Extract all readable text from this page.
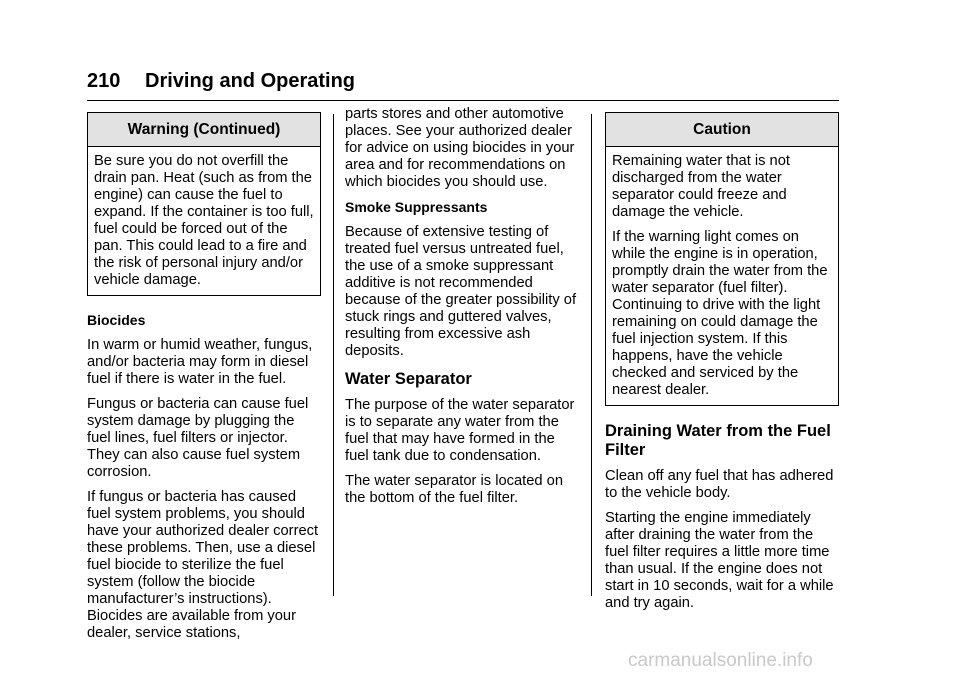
210 Driving and Operating
Warning (Continued)

Be sure you do not overfill the drain pan. Heat (such as from the engine) can cause the fuel to expand. If the container is too full, fuel could be forced out of the pan. This could lead to a fire and the risk of personal injury and/or vehicle damage.

Biocides

In warm or humid weather, fungus, and/or bacteria may form in diesel fuel if there is water in the fuel.

Fungus or bacteria can cause fuel system damage by plugging the fuel lines, fuel filters or injector. They can also cause fuel system corrosion.

If fungus or bacteria has caused fuel system problems, you should have your authorized dealer correct these problems. Then, use a diesel fuel biocide to sterilize the fuel system (follow the biocide manufacturer’s instructions). Biocides are available from your dealer, service stations,

parts stores and other automotive places. See your authorized dealer for advice on using biocides in your area and for recommendations on which biocides you should use.

Smoke Suppressants

Because of extensive testing of treated fuel versus untreated fuel, the use of a smoke suppressant additive is not recommended because of the greater possibility of stuck rings and guttered valves, resulting from excessive ash deposits.

Water Separator

The purpose of the water separator is to separate any water from the fuel that may have formed in the fuel tank due to condensation.

The water separator is located on the bottom of the fuel filter.

Caution

Remaining water that is not discharged from the water separator could freeze and damage the vehicle.

If the warning light comes on while the engine is in operation, promptly drain the water from the water separator (fuel filter). Continuing to drive with the light remaining on could damage the fuel injection system. If this happens, have the vehicle checked and serviced by the nearest dealer.

Draining Water from the Fuel Filter

Clean off any fuel that has adhered to the vehicle body.

Starting the engine immediately after draining the water from the fuel filter requires a little more time than usual. If the engine does not start in 10 seconds, wait for a while and try again.

carmanualsonline.info
